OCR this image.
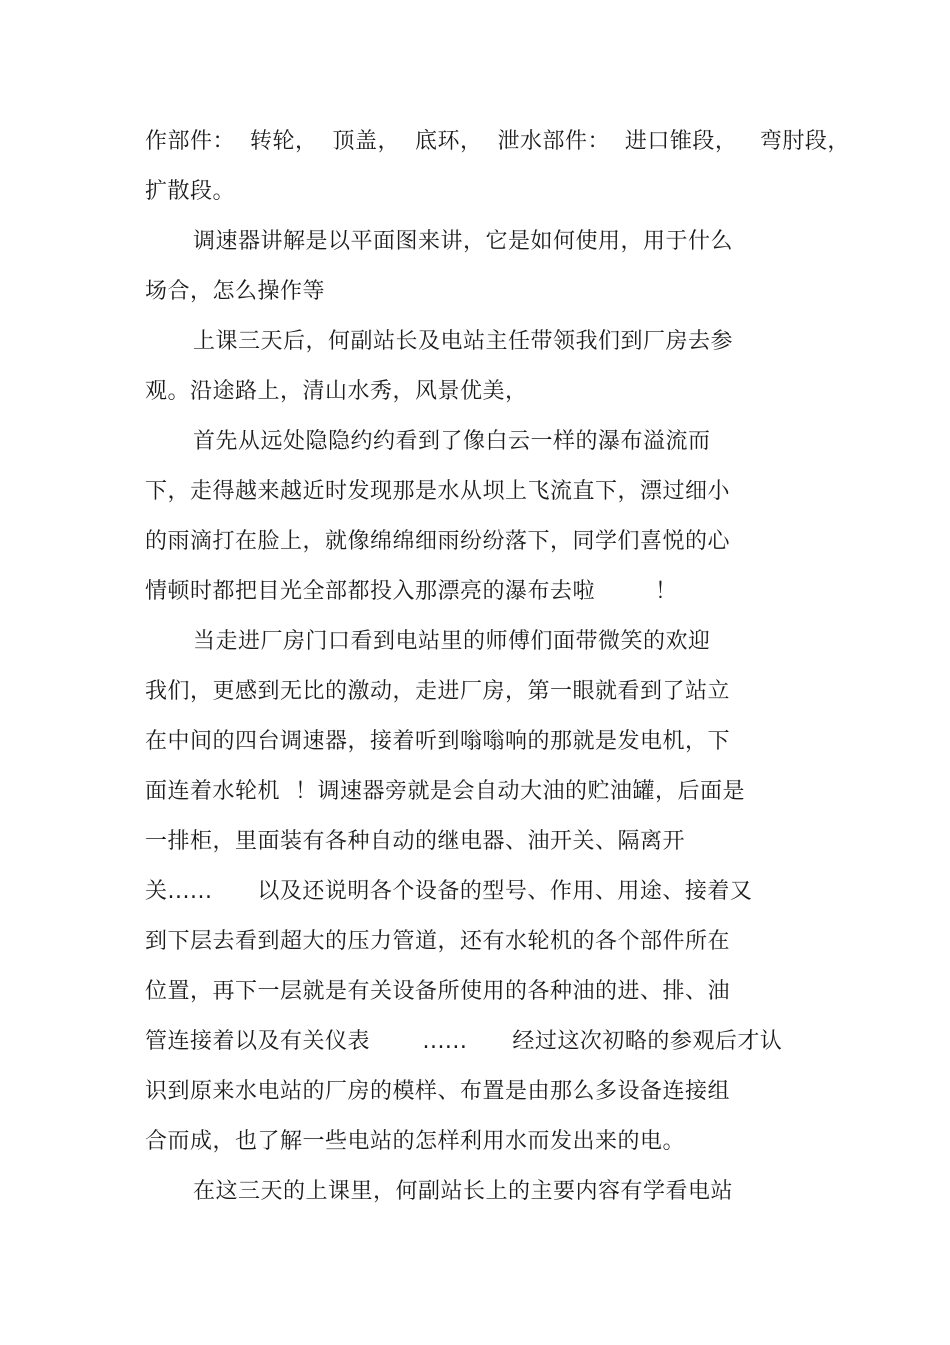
作部件：  转轮，  顶盖，  底环，  泄水部件：  进口锥段，   弯肘段，
扩散段。
调速器讲解是以平面图来讲，它是如何使用，用于什么
场合，怎么操作等
上课三天后，何副站长及电站主任带领我们到厂房去参
观。沿途路上，清山水秀，风景优美，
首先从远处隐隐约约看到了像白云一样的瀑布溢流而
下，走得越来越近时发现那是水从坝上飞流直下，漂过细小
的雨滴打在脸上，就像绵绵细雨纷纷落下，同学们喜悦的心
情顿时都把目光全部都投入那漂亮的瀑布去啦        ！
当走进厂房门口看到电站里的师傅们面带微笑的欢迎
我们，更感到无比的激动，走进厂房，第一眼就看到了站立
在中间的四台调速器，接着听到嗡嗡响的那就是发电机，下
面连着水轮机  ！调速器旁就是会自动大油的贮油罐，后面是
一排柜，里面装有各种自动的继电器、油开关、隔离开
关......      以及还说明各个设备的型号、作用、用途、接着又
到下层去看到超大的压力管道，还有水轮机的各个部件所在
位置，再下一层就是有关设备所使用的各种油的进、排、油
管连接着以及有关仪表       ......      经过这次初略的参观后才认
识到原来水电站的厂房的模样、布置是由那么多设备连接组
合而成，也了解一些电站的怎样利用水而发出来的电。
在这三天的上课里，何副站长上的主要内容有学看电站
